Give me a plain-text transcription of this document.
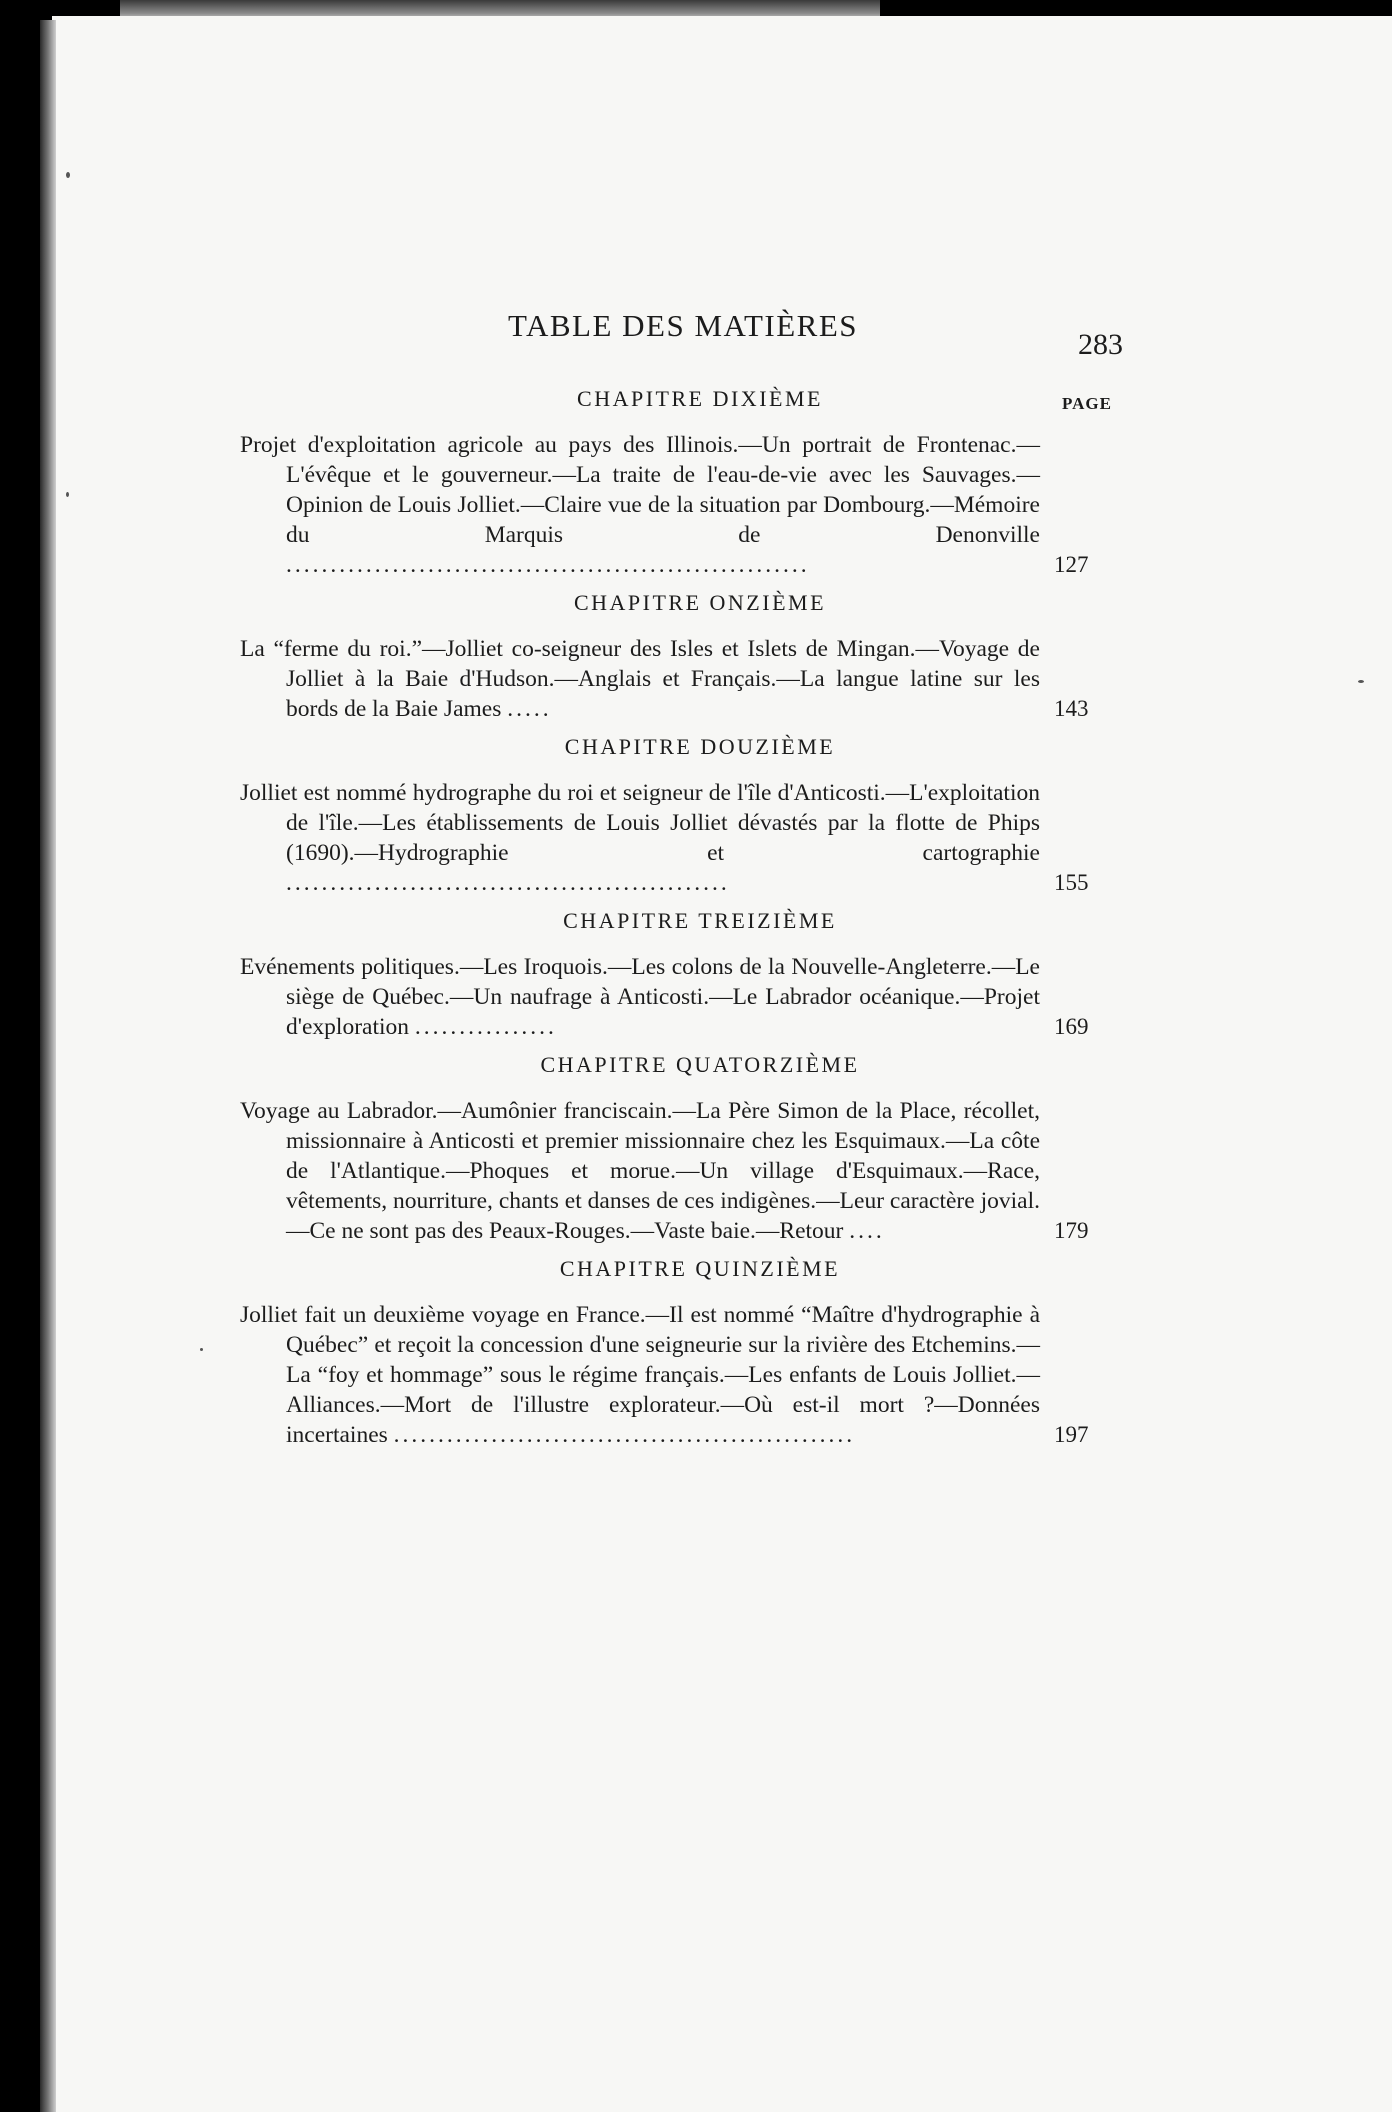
TABLE DES MATIÈRES
283
PAGE
CHAPITRE DIXIÈME
Projet d'exploitation agricole au pays des Illinois.—Un portrait de Frontenac.—L'évêque et le gouverneur.—La traite de l'eau-de-vie avec les Sauvages.—Opinion de Louis Jolliet.—Claire vue de la situation par Dombourg.—Mémoire du Marquis de Denonville ...........................................................	127
CHAPITRE ONZIÈME
La “ferme du roi.”—Jolliet co-seigneur des Isles et Islets de Mingan.—Voyage de Jolliet à la Baie d'Hudson.—Anglais et Français.—La langue latine sur les bords de la Baie James .....	143
CHAPITRE DOUZIÈME
Jolliet est nommé hydrographe du roi et seigneur de l'île d'Anticosti.—L'exploitation de l'île.—Les établissements de Louis Jolliet dévastés par la flotte de Phips (1690).—Hydrographie et cartographie ..................................................	155
CHAPITRE TREIZIÈME
Evénements politiques.—Les Iroquois.—Les colons de la Nouvelle-Angleterre.—Le siège de Québec.—Un naufrage à Anticosti.—Le Labrador océanique.—Projet d'exploration ................	169
CHAPITRE QUATORZIÈME
Voyage au Labrador.—Aumônier franciscain.—La Père Simon de la Place, récollet, missionnaire à Anticosti et premier missionnaire chez les Esquimaux.—La côte de l'Atlantique.—Phoques et morue.—Un village d'Esquimaux.—Race, vêtements, nourriture, chants et danses de ces indigènes.—Leur caractère jovial.—Ce ne sont pas des Peaux-Rouges.—Vaste baie.—Retour ....	179
CHAPITRE QUINZIÈME
Jolliet fait un deuxième voyage en France.—Il est nommé “Maître d'hydrographie à Québec” et reçoit la concession d'une seigneurie sur la rivière des Etchemins.—La “foy et hommage” sous le régime français.—Les enfants de Louis Jolliet.—Alliances.—Mort de l'illustre explorateur.—Où est-il mort ?—Données incertaines ....................................................	197
